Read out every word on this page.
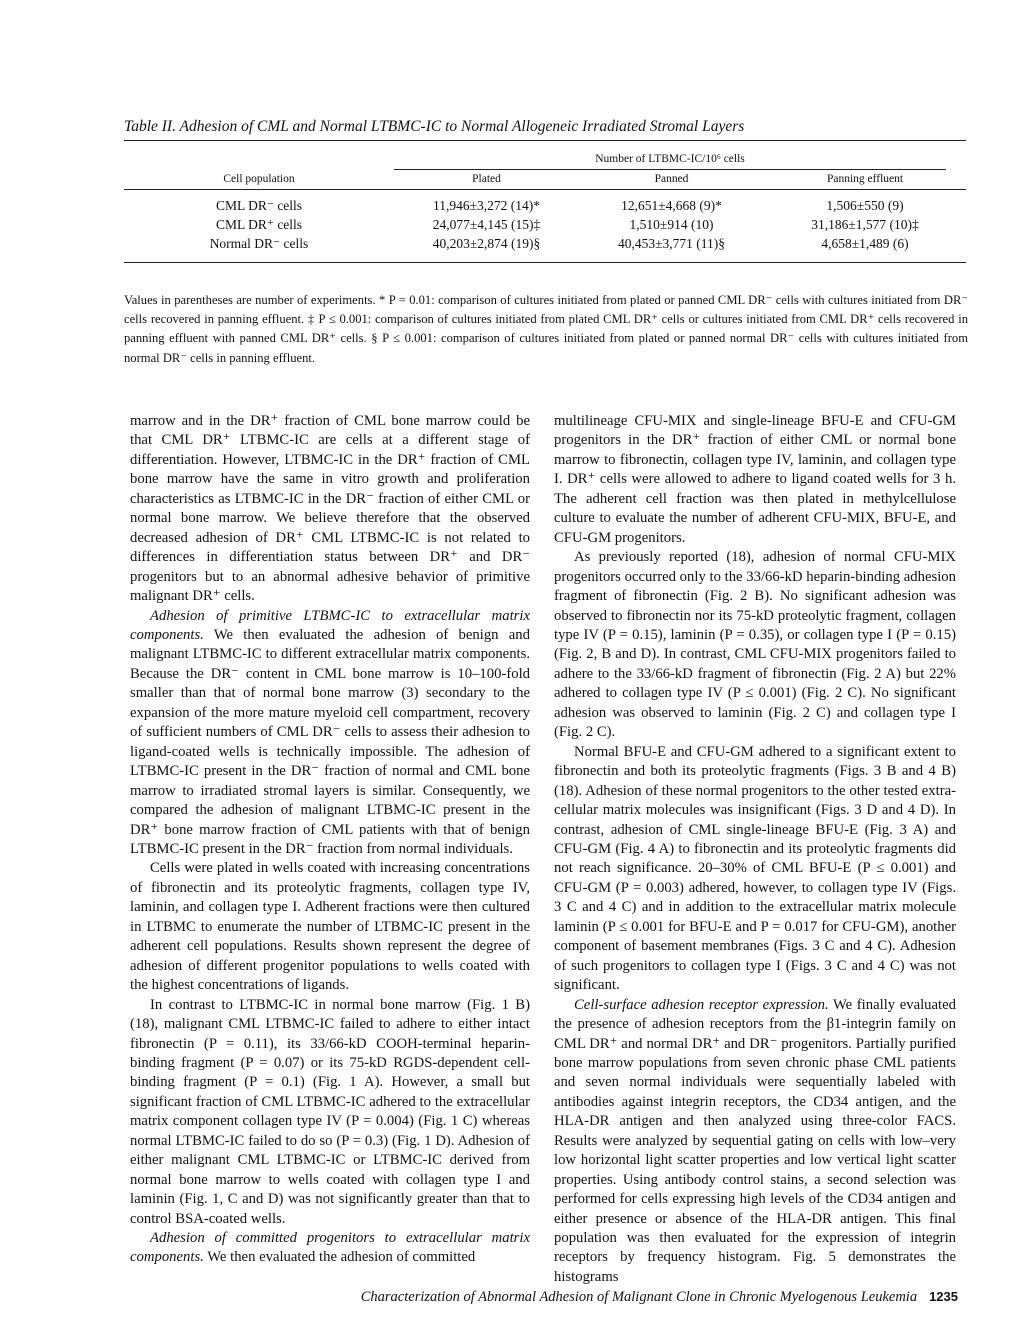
Table II. Adhesion of CML and Normal LTBMC-IC to Normal Allogeneic Irradiated Stromal Layers
Number of LTBMC-IC/10⁶ cells
Cell population	Plated	Panned	Panning effluent
CML DR⁻ cells	11,946±3,272 (14)*	12,651±4,668 (9)*	1,506±550 (9)
CML DR⁺ cells	24,077±4,145 (15)‡	1,510±914 (10)	31,186±1,577 (10)‡
Normal DR⁻ cells	40,203±2,874 (19)§	40,453±3,771 (11)§	4,658±1,489 (6)
Values in parentheses are number of experiments. * P = 0.01: comparison of cultures initiated from plated or panned CML DR⁻ cells with cultures initiated from DR⁻ cells recovered in panning effluent. ‡ P ≤ 0.001: comparison of cultures initiated from plated CML DR⁺ cells or cultures initiated from CML DR⁺ cells recovered in panning effluent with panned CML DR⁺ cells. § P ≤ 0.001: comparison of cultures initiated from plated or panned normal DR⁻ cells with cultures initiated from normal DR⁻ cells in panning effluent.

marrow and in the DR⁺ fraction of CML bone marrow could be that CML DR⁺ LTBMC-IC are cells at a different stage of differentiation. However, LTBMC-IC in the DR⁺ fraction of CML bone marrow have the same in vitro growth and proliferation characteristics as LTBMC-IC in the DR⁻ fraction of either CML or normal bone marrow. We believe therefore that the observed decreased adhesion of DR⁺ CML LTBMC-IC is not related to differences in differentiation status between DR⁺ and DR⁻ progenitors but to an abnormal adhesive behavior of primitive malignant DR⁺ cells.

Adhesion of primitive LTBMC-IC to extracellular matrix components. We then evaluated the adhesion of benign and malignant LTBMC-IC to different extracellular matrix components. Because the DR⁻ content in CML bone marrow is 10–100-fold smaller than that of normal bone marrow (3) secondary to the expansion of the more mature myeloid cell compartment, recovery of sufficient numbers of CML DR⁻ cells to assess their adhesion to ligand-coated wells is technically impossible. The adhesion of LTBMC-IC present in the DR⁻ fraction of normal and CML bone marrow to irradiated stromal layers is similar. Consequently, we compared the adhesion of malignant LTBMC-IC present in the DR⁺ bone marrow fraction of CML patients with that of benign LTBMC-IC present in the DR⁻ fraction from normal individuals.

Cells were plated in wells coated with increasing concentrations of fibronectin and its proteolytic fragments, collagen type IV, laminin, and collagen type I. Adherent fractions were then cultured in LTBMC to enumerate the number of LTBMC-IC present in the adherent cell populations. Results shown represent the degree of adhesion of different progenitor populations to wells coated with the highest concentrations of ligands.

In contrast to LTBMC-IC in normal bone marrow (Fig. 1 B) (18), malignant CML LTBMC-IC failed to adhere to either intact fibronectin (P = 0.11), its 33/66-kD COOH-terminal heparin-binding fragment (P = 0.07) or its 75-kD RGDS-dependent cell-binding fragment (P = 0.1) (Fig. 1 A). However, a small but significant fraction of CML LTBMC-IC adhered to the extracellular matrix component collagen type IV (P = 0.004) (Fig. 1 C) whereas normal LTBMC-IC failed to do so (P = 0.3) (Fig. 1 D). Adhesion of either malignant CML LTBMC-IC or LTBMC-IC derived from normal bone marrow to wells coated with collagen type I and laminin (Fig. 1, C and D) was not significantly greater than that to control BSA-coated wells.

Adhesion of committed progenitors to extracellular matrix components. We then evaluated the adhesion of committed

multilineage CFU-MIX and single-lineage BFU-E and CFU-GM progenitors in the DR⁺ fraction of either CML or normal bone marrow to fibronectin, collagen type IV, laminin, and collagen type I. DR⁺ cells were allowed to adhere to ligand coated wells for 3 h. The adherent cell fraction was then plated in methylcellulose culture to evaluate the number of adherent CFU-MIX, BFU-E, and CFU-GM progenitors.

As previously reported (18), adhesion of normal CFU-MIX progenitors occurred only to the 33/66-kD heparin-binding adhesion fragment of fibronectin (Fig. 2 B). No significant adhesion was observed to fibronectin nor its 75-kD proteolytic fragment, collagen type IV (P = 0.15), laminin (P = 0.35), or collagen type I (P = 0.15) (Fig. 2, B and D). In contrast, CML CFU-MIX progenitors failed to adhere to the 33/66-kD fragment of fibronectin (Fig. 2 A) but 22% adhered to collagen type IV (P ≤ 0.001) (Fig. 2 C). No significant adhesion was observed to laminin (Fig. 2 C) and collagen type I (Fig. 2 C).

Normal BFU-E and CFU-GM adhered to a significant extent to fibronectin and both its proteolytic fragments (Figs. 3 B and 4 B) (18). Adhesion of these normal progenitors to the other tested extra-cellular matrix molecules was insignificant (Figs. 3 D and 4 D). In contrast, adhesion of CML single-lineage BFU-E (Fig. 3 A) and CFU-GM (Fig. 4 A) to fibronectin and its proteolytic fragments did not reach significance. 20–30% of CML BFU-E (P ≤ 0.001) and CFU-GM (P = 0.003) adhered, however, to collagen type IV (Figs. 3 C and 4 C) and in addition to the extracellular matrix molecule laminin (P ≤ 0.001 for BFU-E and P = 0.017 for CFU-GM), another component of basement membranes (Figs. 3 C and 4 C). Adhesion of such progenitors to collagen type I (Figs. 3 C and 4 C) was not significant.

Cell-surface adhesion receptor expression. We finally evaluated the presence of adhesion receptors from the β1-integrin family on CML DR⁺ and normal DR⁺ and DR⁻ progenitors. Partially purified bone marrow populations from seven chronic phase CML patients and seven normal individuals were sequentially labeled with antibodies against integrin receptors, the CD34 antigen, and the HLA-DR antigen and then analyzed using three-color FACS. Results were analyzed by sequential gating on cells with low–very low horizontal light scatter properties and low vertical light scatter properties. Using antibody control stains, a second selection was performed for cells expressing high levels of the CD34 antigen and either presence or absence of the HLA-DR antigen. This final population was then evaluated for the expression of integrin receptors by frequency histogram. Fig. 5 demonstrates the histograms

Characterization of Abnormal Adhesion of Malignant Clone in Chronic Myelogenous Leukemia 1235
